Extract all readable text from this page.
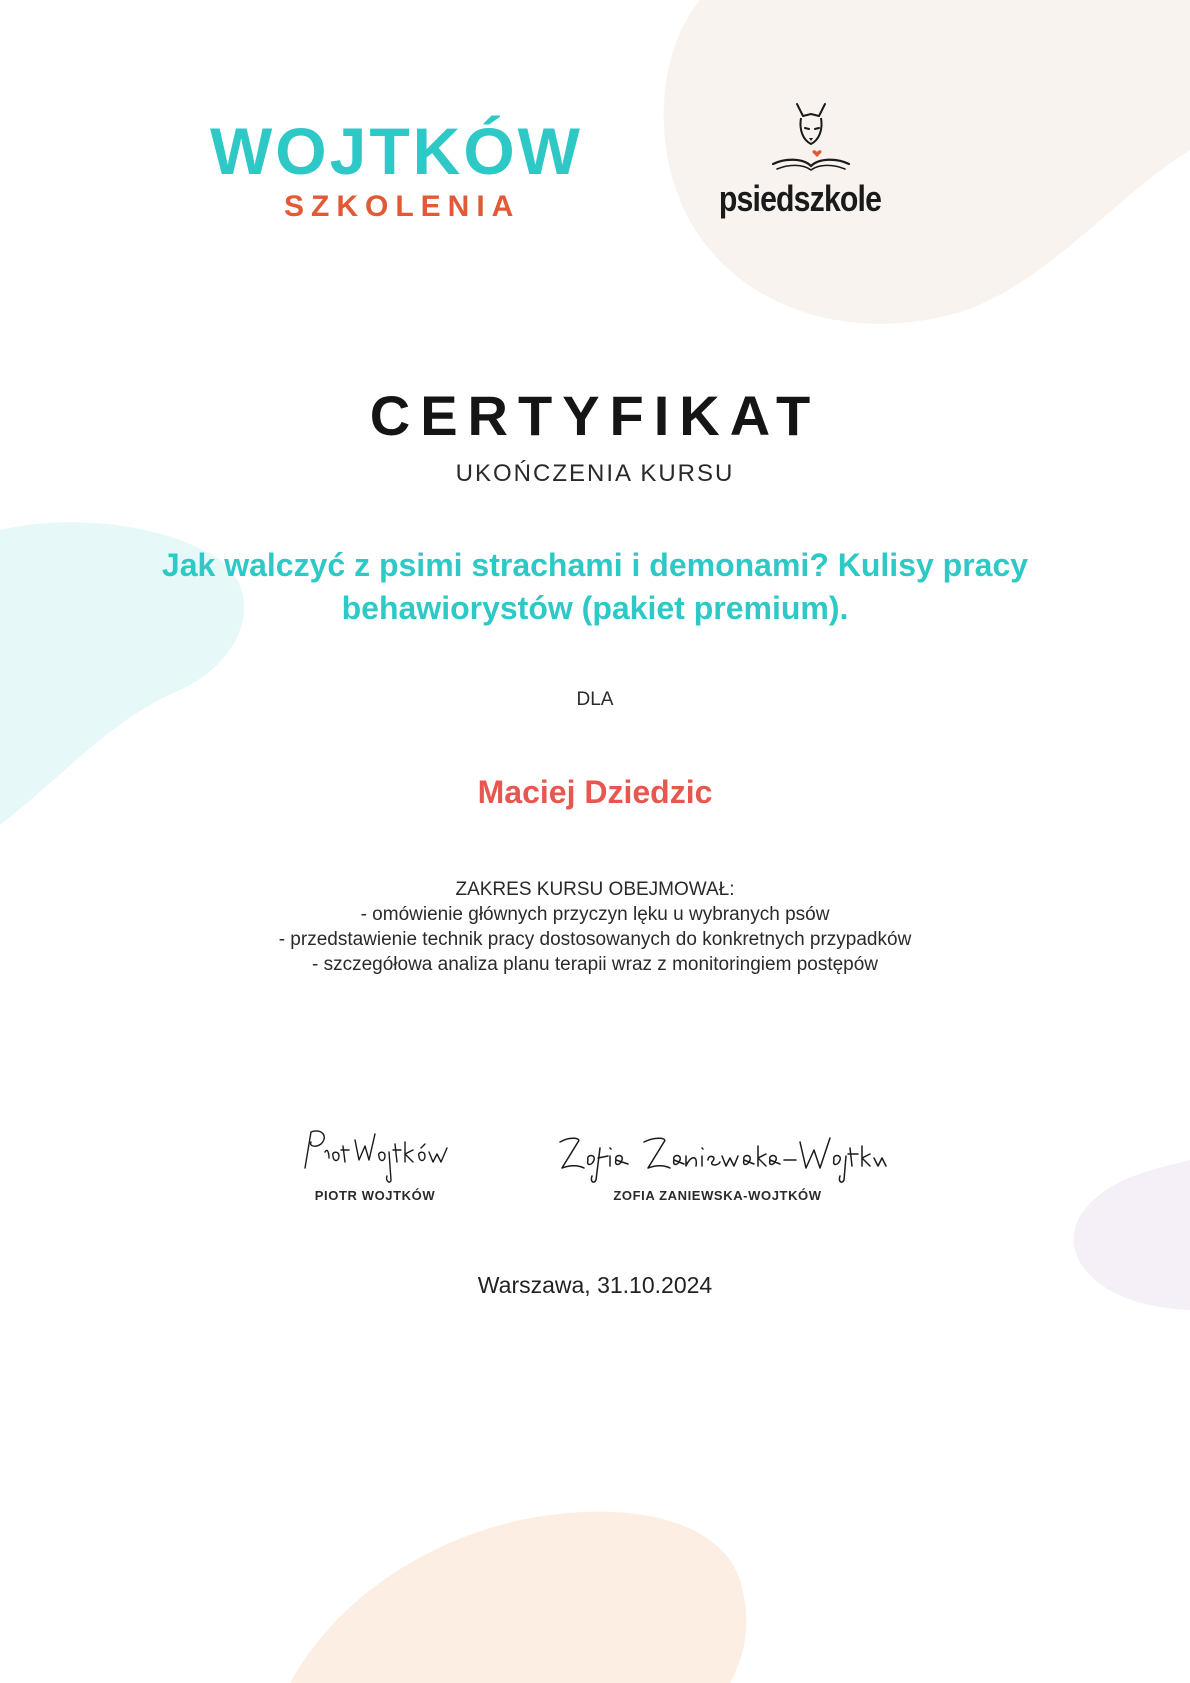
WOJTKÓW
SZKOLENIA	psiedszkole
CERTYFIKAT
UKOŃCZENIA KURSU
Jak walczyć z psimi strachami i demonami? Kulisy pracy
behawiorystów (pakiet premium).
DLA
Maciej Dziedzic
ZAKRES KURSU OBEJMOWAŁ:
- omówienie głównych przyczyn lęku u wybranych psów
- przedstawienie technik pracy dostosowanych do konkretnych przypadków
- szczegółowa analiza planu terapii wraz z monitoringiem postępów
PIOTR WOJTKÓW	ZOFIA ZANIEWSKA-WOJTKÓW
Warszawa, 31.10.2024
